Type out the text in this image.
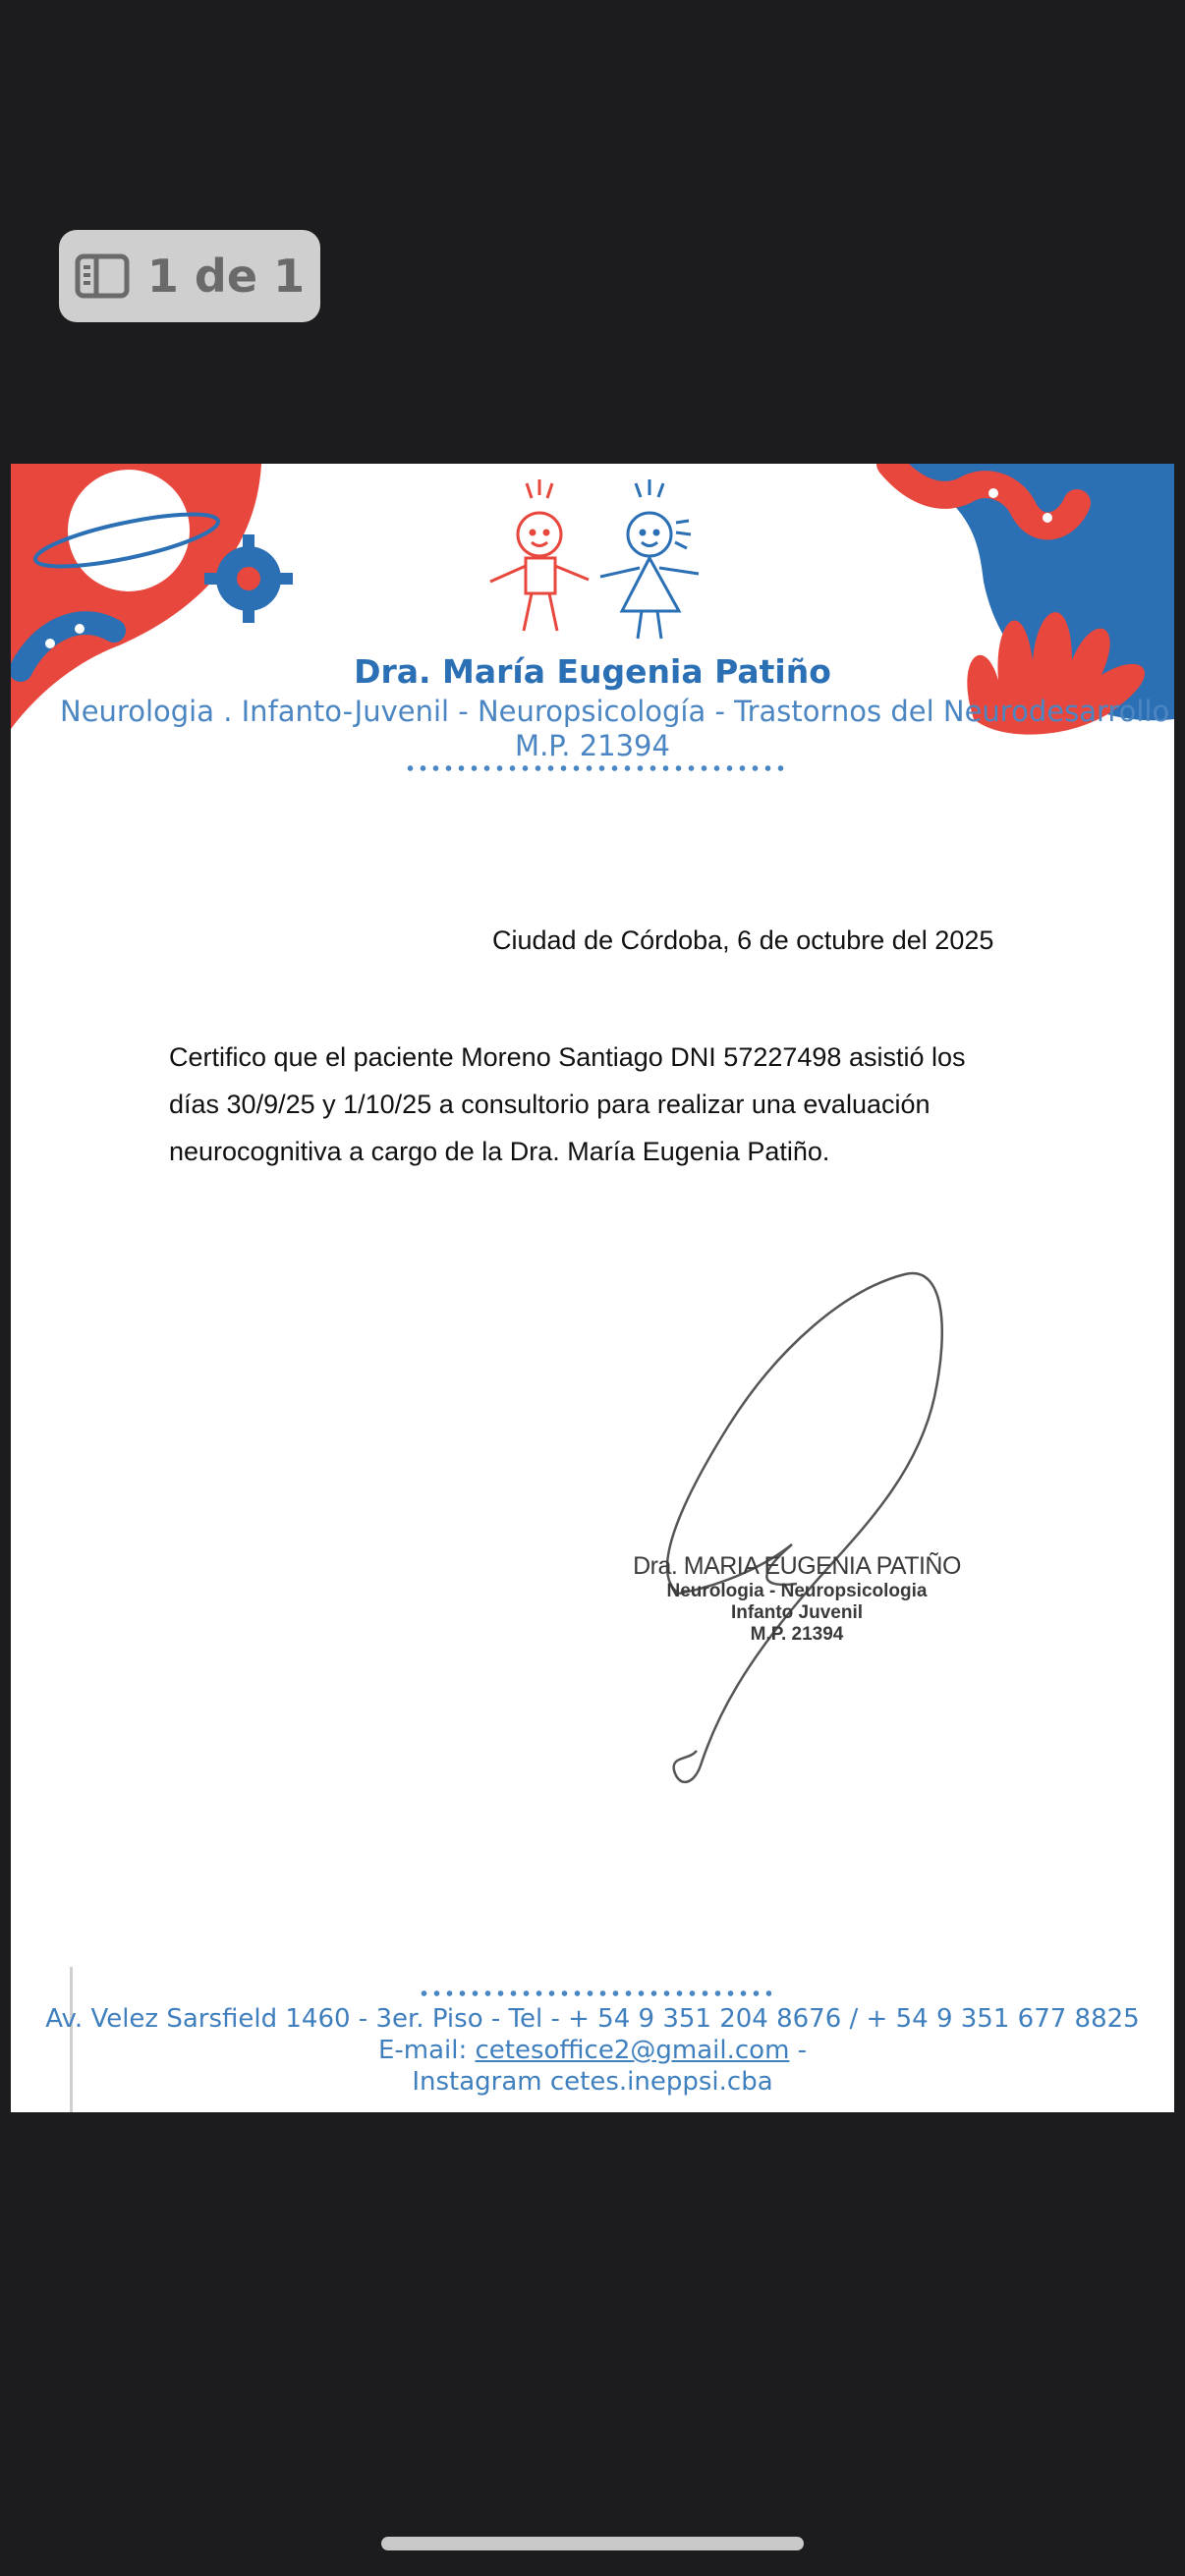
1 de 1
Dra. María Eugenia Patiño
Neurologia . Infanto-Juvenil - Neuropsicología - Trastornos del Neurodesarrollo
M.P. 21394
Ciudad de Córdoba, 6 de octubre del 2025
Certifico que el paciente Moreno Santiago DNI 57227498 asistió los
días 30/9/25 y 1/10/25 a consultorio para realizar una evaluación
neurocognitiva a cargo de la Dra. María Eugenia Patiño.
Dra. MARIA EUGENIA PATIÑO
Neurologia - Neuropsicologia
Infanto Juvenil
M.P. 21394
Av. Velez Sarsfield 1460 - 3er. Piso - Tel - + 54 9 351 204 8676 / + 54 9 351 677 8825
E-mail: cetesoffice2@gmail.com -
Instagram cetes.ineppsi.cba
